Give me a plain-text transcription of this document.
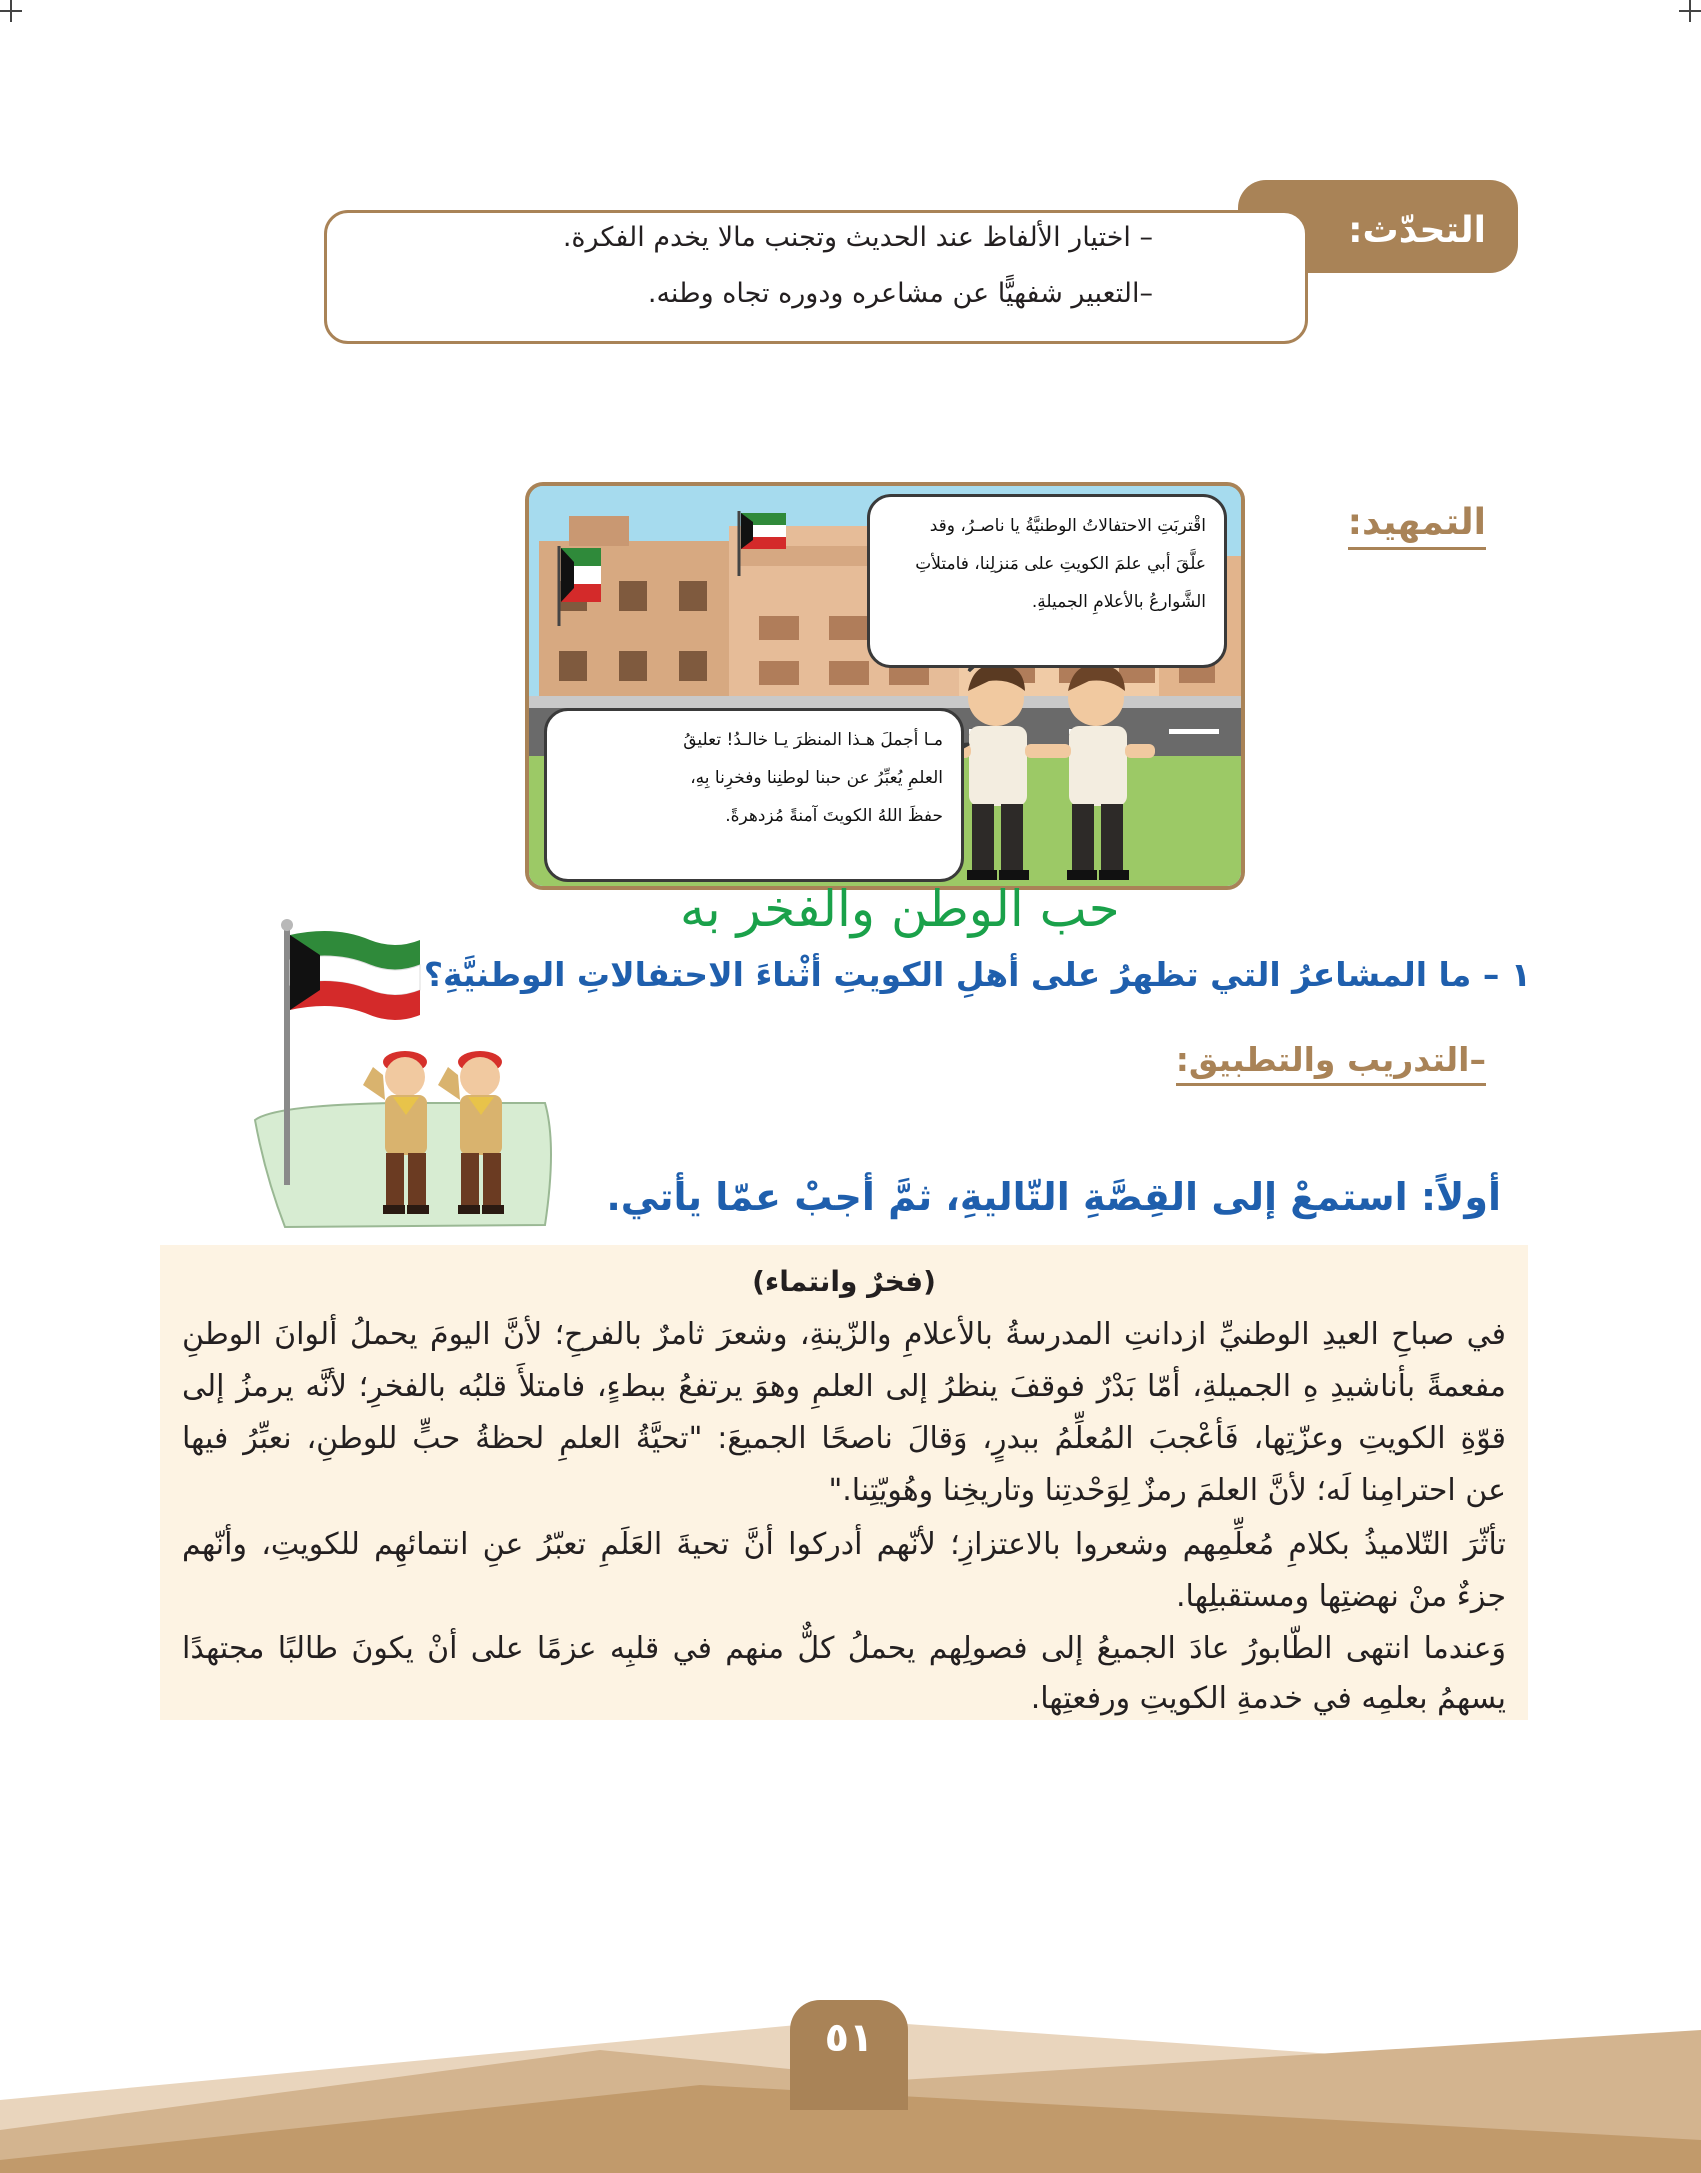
التحدّث:
– اختيار الألفاظ عند الحديث وتجنب مالا يخدم الفكرة.
–التعبير شفهيًّا عن مشاعره ودوره تجاه وطنه.
التمهيد:
اقْتربَتِ الاحتفالاتُ الوطنيَّةُ يا ناصـرُ، وقد
علَّقَ أبي علمَ الكويتِ على مَنزلِنا، فامتلأتِ
الشَّوارعُ بالأعلامِ الجميلةِ.
مـا أجملَ هـذا المنظرَ يـا خالـدُ! تعليقُ
العلمِ يُعبِّرُ عن حبنا لوطنِنا وفخرِنا بِهِ،
حفظَ اللهُ الكويتَ آمنةً مُزدهرةً.
حب الوطن والفخر به
١ – ما المشاعرُ التي تظهرُ على أهلِ الكويتِ أثْناءَ الاحتفالاتِ الوطنيَّةِ؟
–التدريب والتطبيق:
أولاً: استمعْ إلى القِصَّةِ التّاليةِ، ثمَّ أجبْ عمّا يأتي.
(فخرٌ وانتماء)
في صباحِ العيدِ الوطنيِّ ازدانتِ المدرسةُ بالأعلامِ والزّينةِ، وشعرَ ثامرٌ بالفرحِ؛ لأنَّ اليومَ يحملُ ألوانَ الوطنِ
مفعمةً بأناشيدِ هِ الجميلةِ، أمّا بَدْرٌ فوقفَ ينظرُ إلى العلمِ وهوَ يرتفعُ ببطءٍ، فامتلأَ قلبُه بالفخرِ؛ لأنَّه يرمزُ إلى
قوّةِ الكويتِ وعزّتِها، فَأعْجبَ المُعلِّمُ ببدرٍ، وَقالَ ناصحًا الجميعَ: "تحيَّةُ العلمِ لحظةُ حبٍّ للوطنِ، نعبِّرُ فيها
عن احترامِنا لَه؛ لأنَّ العلمَ رمزٌ لِوَحْدتِنا وتاريخِنا وهُويّتِنا."
تأثّرَ التّلاميذُ بكلامِ مُعلِّمِهم وشعروا بالاعتزازِ؛ لأنّهم أدركوا أنَّ تحيةَ العَلَمِ تعبّرُ عنِ انتمائهِم للكويتِ، وأنّهم
جزءٌ منْ نهضتِها ومستقبلِها.
وَعندما انتهى الطّابورُ عادَ الجميعُ إلى فصولِهم يحملُ كلٌّ منهم في قلبِه عزمًا على أنْ يكونَ طالبًا مجتهدًا
يسهمُ بعلمِه في خدمةِ الكويتِ ورفعتِها.
٥١
